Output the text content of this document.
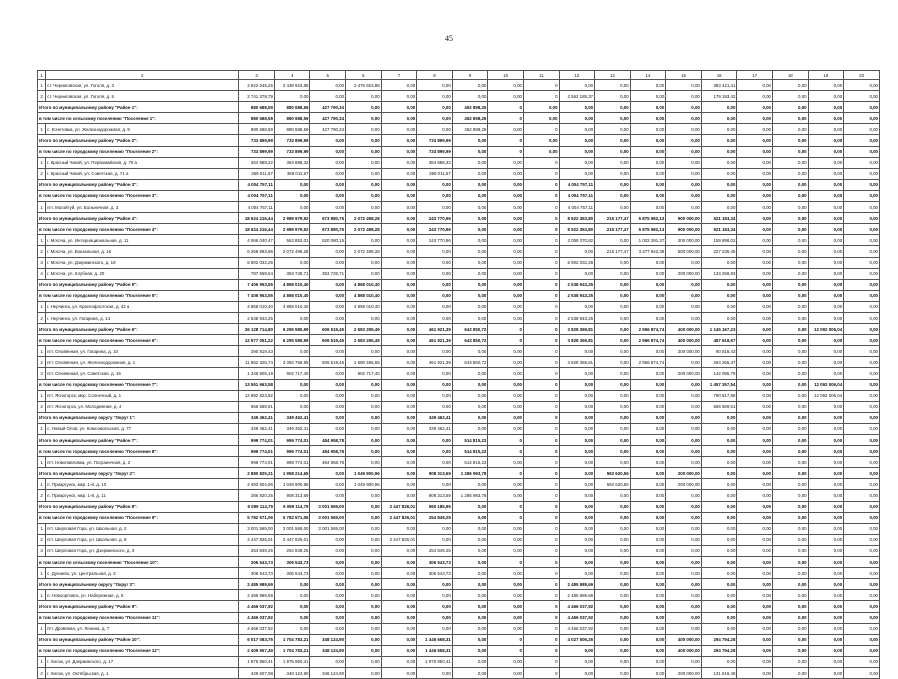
45
1	2	3	4	5	6	7	8	9	10	11	12	13	14	15	16	17	18	19	20
1	ст. Черниговская, ул. Гоголя, д. 3	2 822 345,25	2 438 923,88	0,00	2 476 923,88	0,00	0,00	0,00	0,00	0	0,00	0,00	0,00	0,00	383 421,41	0,00	0,00	0,00	0,00
2	ст. Черниговская, ул. Гоголя, д. 5	2 741 378,79	0,00	0,00	0,00	0,00	0,00	0,00	0,00	0	2 562 185,37	0,00	0,00	0,00	179 193,42	0,00	0,00	0,00	0,00
Итого по муниципальному району "Район 1":		880 688,59	880 688,59	427 790,34	0,00	0,00	0,00	452 898,25	0	0,00	0,00	0,00	0,00	0,00	0,00	0,00	0,00	0,00	0,00
в том числе по сельскому поселению "Поселение 1":		880 688,59	880 688,59	427 790,34	0,00	0,00	0,00	452 898,25	0	0,00	0,00	0,00	0,00	0,00	0,00	0,00	0,00	0,00	0,00
1	с. Кочетовка, ул. Железнодорожная, д. 8	880 688,59	880 688,59	427 790,34	0,00	0,00	0,00	452 898,25	0,00	0	0,00	0,00	0,00	0,00	0,00	0,00	0,00	0,00	0,00
Итого по муниципальному району "Район 2":		733 899,99	733 899,99	0,00	0,00	0,00	733 899,99	0,00	0	0,00	0,00	0,00	0,00	0,00	0,00	0,00	0,00	0,00	0,00
в том числе по городскому поселению "Поселение 2":		733 899,99	733 899,99	0,00	0,00	0,00	733 899,99	0,00	0	0,00	0,00	0,00	0,00	0,00	0,00	0,00	0,00	0,00	0,00
1	г. Красный Чикой, ул. Первомайская, д. 70 а	364 888,32	364 888,32	0,00	0,00	0,00	364 888,32	0,00	0,00	0	0,00	0,00	0,00	0,00	0,00	0,00	0,00	0,00	0,00
2	г. Красный Чикой, ул. Советская, д. 71 а	369 011,67	369 011,67	0,00	0,00	0,00	369 011,67	0,00	0,00	0	0,00	0,00	0,00	0,00	0,00	0,00	0,00	0,00	0,00
Итого по муниципальному району "Район 3":		4 004 757,11	0,00	0,00	0,00	0,00	0,00	0,00	0,00	0	4 004 757,11	0,00	0,00	0,00	0,00	0,00	0,00	0,00	0,00
в том числе по городскому поселению "Поселение 3":		4 004 757,11	0,00	0,00	0,00	0,00	0,00	0,00	0,00	0	4 004 757,11	0,00	0,00	0,00	0,00	0,00	0,00	0,00	0,00
1	пгт. Могойтуй, ул. Больничная, д. 3	4 004 757,11	0,00	0,00	0,00	0,00	0,00	0,00	0,00	0	4 004 757,11	0,00	0,00	0,00	0,00	0,00	0,00	0,00	0,00
Итого по муниципальному району "Район 4":		18 624 216,44	2 989 979,92	673 880,76	2 072 498,28	0,00	243 770,96	0,00	0,00	0	8 922 363,80	215 177,47	5 875 982,13	900 000,00	521 183,34	0,00	0,00	0,00	0,00
в том числе по городскому поселению "Поселение 4":		18 624 216,44	2 989 979,92	673 880,76	2 072 498,28	0,00	243 770,96	0,00	0,00	0	8 922 363,80	215 177,47	5 875 982,13	900 000,00	521 183,34	0,00	0,00	0,00	0,00
1	г. Могоча, ул. Интернациональная, д. 11	4 066 040,47	563 853,01	520 080,15	0,00	0,00	243 770,96	0,00	0,00	0	2 059 370,82	0,00	1 002 291,37	200 000,00	159 898,02	0,00	0,00	0,00	0,00
2	г. Могоча, ул. Вокзальная, д. 16	6 268 893,86	2 072 498,28	0,00	2 072 498,28	0,00	0,00	0,00	0,00	0	0,00	215 177,47	3 377 942,38	500 000,00	227 236,45	0,00	0,00	0,00	0,00
3	г. Могоча, ул. Дзержинского, д. 18	6 902 032,26	0,00	0,00	0,00	0,00	0,00	0,00	0,00	0	6 902 032,26	0,00	0,00	0,00	0,00	0,00	0,00	0,00	0,00
4	г. Могоча, ул. Клубная, д. 20	787 659,54	353 728,71	353 728,71	0,00	0,00	0,00	0,00	0,00	0	0,00	0,00	0,00	200 000,00	134 258,83	0,00	0,00	0,00	0,00
Итого по муниципальному району "Район 5":		7 406 953,55	4 868 010,40	0,00	4 868 010,40	0,00	0,00	0,00	0,00	0	2 538 943,25	0,00	0,00	0,00	0,00	0,00	0,00	0,00	0,00
в том числе по городскому поселению "Поселение 5":		7 406 953,55	4 868 010,40	0,00	4 868 010,40	0,00	0,00	0,00	0,00	0	2 538 943,25	0,00	0,00	0,00	0,00	0,00	0,00	0,00	0,00
1	г. Нерчинск, ул. Краснофлотская, д. 42 а	4 868 010,40	4 868 010,40	0,00	4 868 010,40	0,00	0,00	0,00	0,00	0	0,00	0,00	0,00	0,00	0,00	0,00	0,00	0,00	0,00
2	г. Нерчинск, ул. Гагарина, д. 14	2 538 943,25	0,00	0,00	0,00	0,00	0,00	0,00	0,00	0	2 538 943,25	0,00	0,00	0,00	0,00	0,00	0,00	0,00	0,00
Итого по муниципальному району "Район 6":		26 128 714,80	6 295 585,99	606 519,45	2 583 295,49	0,00	461 921,39	643 850,72	0	0	3 828 369,81	0,00	2 966 874,74	400 000,00	1 145 167,23	0,00	0,00	12 092 006,04	0,00
в том числе по городскому поселению "Поселение 6":		12 577 051,22	6 295 585,99	606 519,45	2 583 295,49	0,00	461 921,39	643 850,72	0	0	3 828 369,81	0,00	2 966 874,74	400 000,00	487 619,67	0,00	0,00	0,00	0,00
1	пгт. Оловянная, ул. Гагарина, д. 10	290 819,43	0,00	0,00	0,00	0,00	0,00	0,00	0,00	0	0,00	0,00	0,00	200 000,00	90 819,43	0,00	0,00	0,00	0,00
2	пгт. Оловянная, ул. Железнодорожная, д. 1	11 852 326,74	3 392 768,95	606 519,45	1 680 486,55	0,00	461 921,39	643 850,72	0,00	0	3 828 369,81	0,00	2 966 874,74	0,00	264 265,37	0,00	0,00	0,00	0,00
3	пгт. Оловянная, ул. Советская, д. 15	1 346 905,19	902 717,40	0,00	902 717,40	0,00	0,00	0,00	0,00	0	0,00	0,00	0,00	200 000,00	142 095,79	0,00	0,00	0,00	0,00
в том числе по городскому поселению "Поселение 7":		13 551 663,58	0,00	0,00	0,00	0,00	0,00	0,00	0,00	0	0,00	0,00	0,00	0,00	1 457 357,54	0,00	0,00	12 092 006,04	0,00
1	пгт. Ясногорск, мкр. Солнечный, д. 1	12 892 823,92	0,00	0,00	0,00	0,00	0,00	0,00	0,00	0	0,00	0,00	0,00	0,00	790 817,88	0,00	0,00	12 092 006,04	0,00
2	пгт. Ясногорск, ул. Молодежная, д. 4	666 569,61	0,00	0,00	0,00	0,00	0,00	0,00	0,00	0	0,00	0,00	0,00	0,00	666 569,61	0,00	0,00	0,00	0,00
Итого по муниципальному округу "Округ 1":		349 462,41	349 462,41	0,00	0,00	0,00	349 462,41	0,00	0,00	0	0,00	0,00	0,00	0,00	0,00	0,00	0,00	0,00	0,00
1	с. Новый Олов, ул. Комсомольская, д. 77	349 462,41	349 462,41	0,00	0,00	0,00	349 462,41	0,00	0,00	0	0,00	0,00	0,00	0,00	0,00	0,00	0,00	0,00	0,00
Итого по муниципальному району "Район 7":		999 774,01	999 774,01	484 958,78	0,00	0,00	0,00	514 815,23	0	0	0,00	0,00	0,00	0,00	0,00	0,00	0,00	0,00	0,00
в том числе по городскому поселению "Поселение 8":		999 774,01	999 774,01	484 958,78	0,00	0,00	0,00	514 815,23	0	0	0,00	0,00	0,00	0,00	0,00	0,00	0,00	0,00	0,00
1	пгт. Новопавловка, ул. Пограничная, д. 2	999 774,01	999 774,01	484 958,78	0,00	0,00	0,00	514 815,23	0,00	0	0,00	0,00	0,00	0,00	0,00	0,00	0,00	0,00	0,00
Итого по муниципальному округу "Округ 2":		2 880 825,21	1 958 214,65	0,00	1 049 900,96	0,00	908 313,69	1 286 993,78	0	0	0,00	592 620,56	0,00	200 000,00	0,00	0,00	0,00	0,00	0,00
1	п. Приаргунск, мкр. 1-й, д. 10	2 493 904,96	1 049 900,96	0,00	1 049 900,96	0,00	0,00	0,00	0,00	0	0,00	592 620,56	0,00	200 000,00	0,00	0,00	0,00	0,00	0,00
2	п. Приаргунск, мкр. 1-й, д. 11	386 920,25	908 313,69	0,00	0,00	0,00	908 313,69	1 286 993,78	0,00	0	0,00	0,00	0,00	0,00	0,00	0,00	0,00	0,00	0,00
Итого по муниципальному району "Район 8":		6 089 114,79	6 089 114,79	3 001 565,00	0,00	2 447 826,01	560 185,95	0,00	0	0	0,00	0,00	0,00	0,00	0,00	0,00	0,00	0,00	0,00
в том числе по городскому поселению "Поселение 9":		5 782 571,06	5 782 571,06	3 001 565,00	0,00	2 447 826,01	254 849,25	0,00	0	0	0,00	0,00	0,00	0,00	0,00	0,00	0,00	0,00	0,00
1	пгт. Шерловая Гора, ул. Школьная, д. 2	3 001 565,00	3 001 565,00	3 001 565,00	0,00	0,00	0,00	0,00	0,00	0	0,00	0,00	0,00	0,00	0,00	0,00	0,00	0,00	0,00
2	пгт. Шерловая Гора, ул. Школьная, д. 8	2 447 826,01	2 447 826,01	0,00	0,00	2 447 826,01	0,00	0,00	0,00	0	0,00	0,00	0,00	0,00	0,00	0,00	0,00	0,00	0,00
3	пгт. Шерловая Гора, ул. Дзержинского, д. 3	254 849,25	254 849,25	0,00	0,00	0,00	254 849,25	0,00	0,00	0	0,00	0,00	0,00	0,00	0,00	0,00	0,00	0,00	0,00
в том числе по сельскому поселению "Поселение 10":		306 543,73	306 543,73	0,00	0,00	0,00	306 543,73	0,00	0	0	0,00	0,00	0,00	0,00	0,00	0,00	0,00	0,00	0,00
1	с. Дунаево, ул. Центральная, д. 3	306 543,73	306 543,73	0,00	0,00	0,00	306 543,73	0,00	0,00	0	0,00	0,00	0,00	0,00	0,00	0,00	0,00	0,00	0,00
Итого по муниципальному округу "Округ 3":		2 485 989,69	0,00	0,00	0,00	0,00	0,00	0,00	0,00	0	2 485 989,69	0,00	0,00	0,00	0,00	0,00	0,00	0,00	0,00
1	п. Новоорловск, ул. Набережная, д. 5	2 485 989,69	0,00	0,00	0,00	0,00	0,00	0,00	0,00	0	2 485 989,69	0,00	0,00	0,00	0,00	0,00	0,00	0,00	0,00
Итого по муниципальному району "Район 9":		4 466 037,92	0,00	0,00	0,00	0,00	0,00	0,00	0,00	0	4 466 037,92	0,00	0,00	0,00	0,00	0,00	0,00	0,00	0,00
в том числе по городскому поселению "Поселение 11":		4 466 037,92	0,00	0,00	0,00	0,00	0,00	0,00	0,00	0	4 466 037,92	0,00	0,00	0,00	0,00	0,00	0,00	0,00	0,00
1	пгт. Дровяная, ул. Ленина, д. 7	4 466 037,92	0,00	0,00	0,00	0,00	0,00	0,00	0,00	0	4 466 037,92	0,00	0,00	0,00	0,00	0,00	0,00	0,00	0,00
Итого по муниципальному району "Район 10":		6 017 083,75	1 704 783,21	348 124,90	0,00	0,00	1 446 658,31	0,00	0	0	4 027 506,26	0,00	0,00	400 000,00	294 794,28	0,00	0,00	0,00	0,00
в том числе по городскому поселению "Поселение 12":		2 405 557,49	1 704 783,21	348 124,90	0,00	0,00	1 446 658,31	0,00	0	0	0,00	0,00	0,00	400 000,00	294 794,28	0,00	0,00	0,00	0,00
1	г. Хилок, ул. Дзержинского, д. 17	1 975 950,41	1 975 950,41	0,00	0,00	0,00	1 975 950,41	0,00	0,00	0	0,00	0,00	0,00	0,00	0,00	0,00	0,00	0,00	0,00
2	г. Хилок, ул. Октябрьская, д. 1	429 607,08	348 124,90	348 124,90	0,00	0,00	0,00	0,00	0,00	0	0,00	0,00	0,00	200 000,00	131 616,48	0,00	0,00	0,00	0,00
